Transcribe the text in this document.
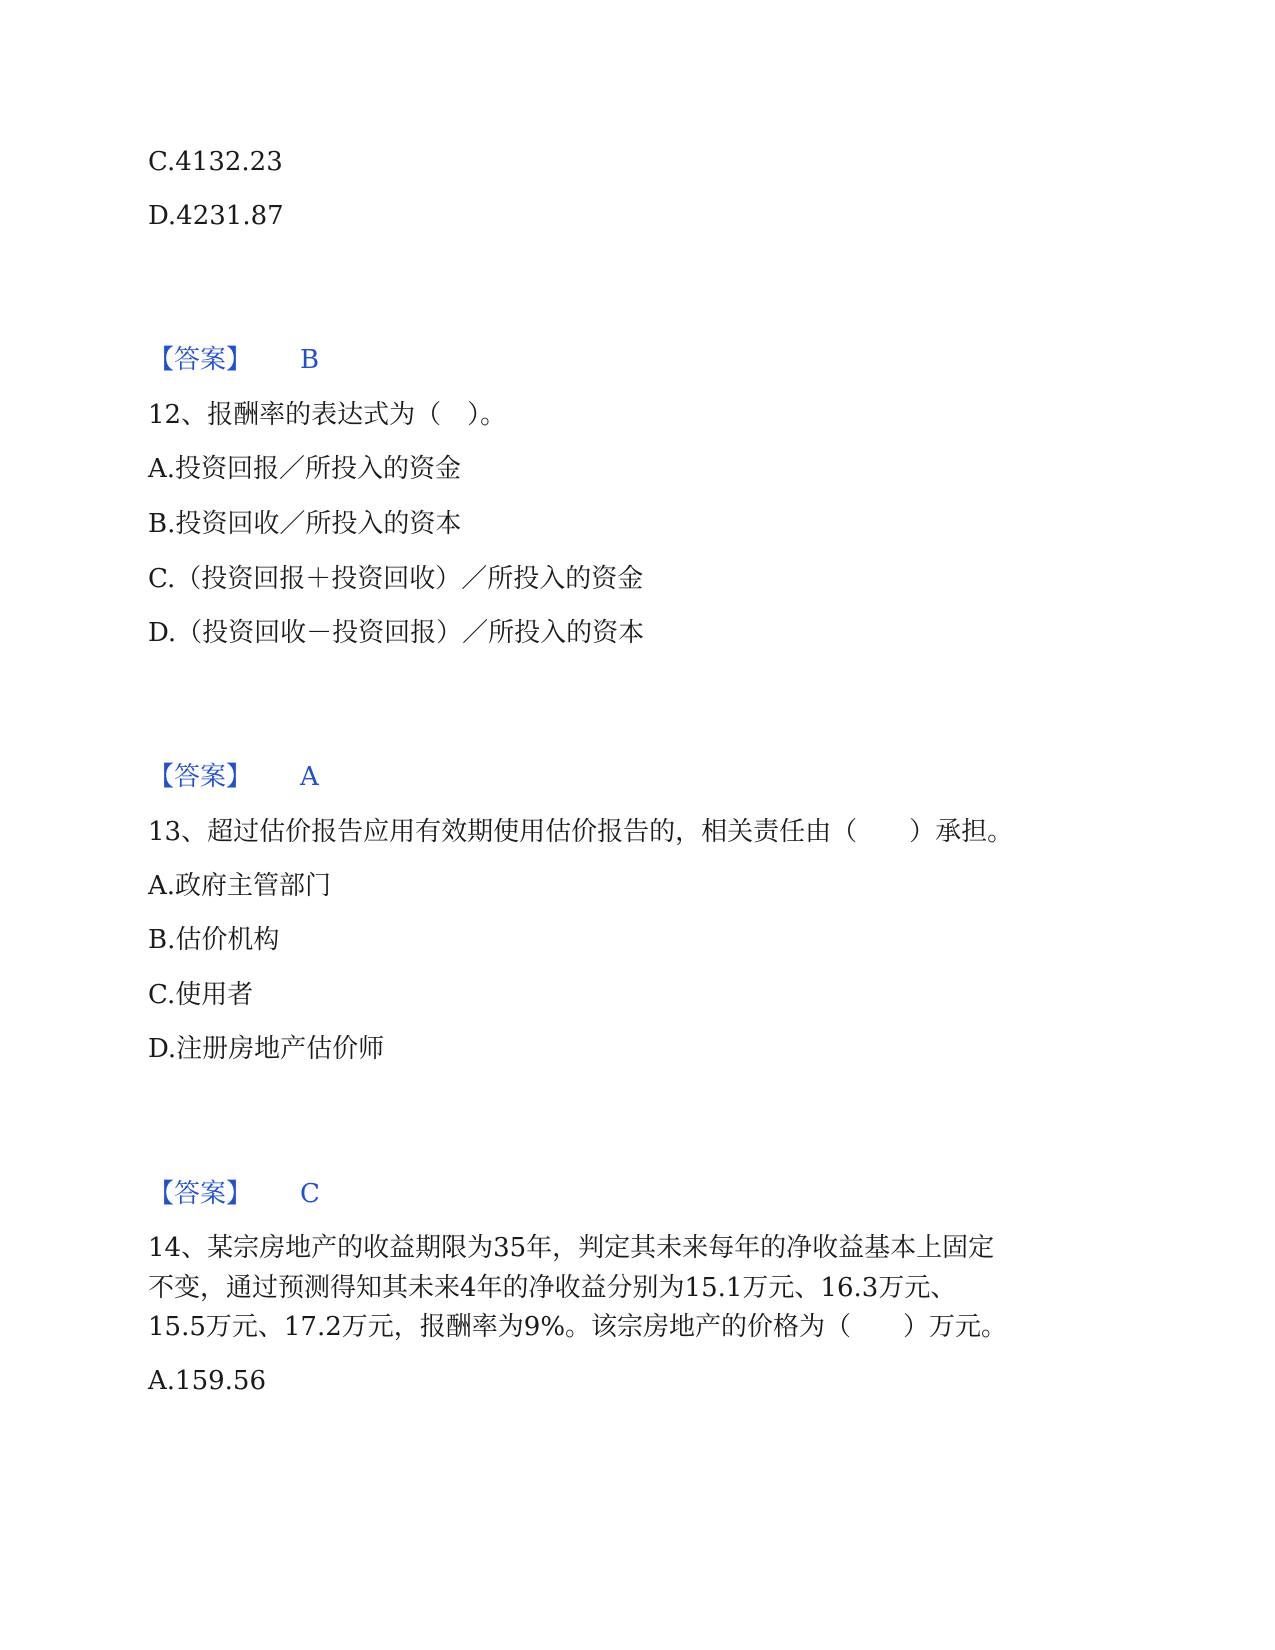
C.4132.23
D.4231.87
【答案】 B
12、报酬率的表达式为（　）。
A.投资回报／所投入的资金
B.投资回收／所投入的资本
C.（投资回报＋投资回收）／所投入的资金
D.（投资回收－投资回报）／所投入的资本
【答案】 A
13、超过估价报告应用有效期使用估价报告的，相关责任由（　　）承担。
A.政府主管部门
B.估价机构
C.使用者
D.注册房地产估价师
【答案】 C
14、某宗房地产的收益期限为35年，判定其未来每年的净收益基本上固定
不变，通过预测得知其未来4年的净收益分别为15.1万元、16.3万元、
15.5万元、17.2万元，报酬率为9%。该宗房地产的价格为（　　）万元。
A.159.56
